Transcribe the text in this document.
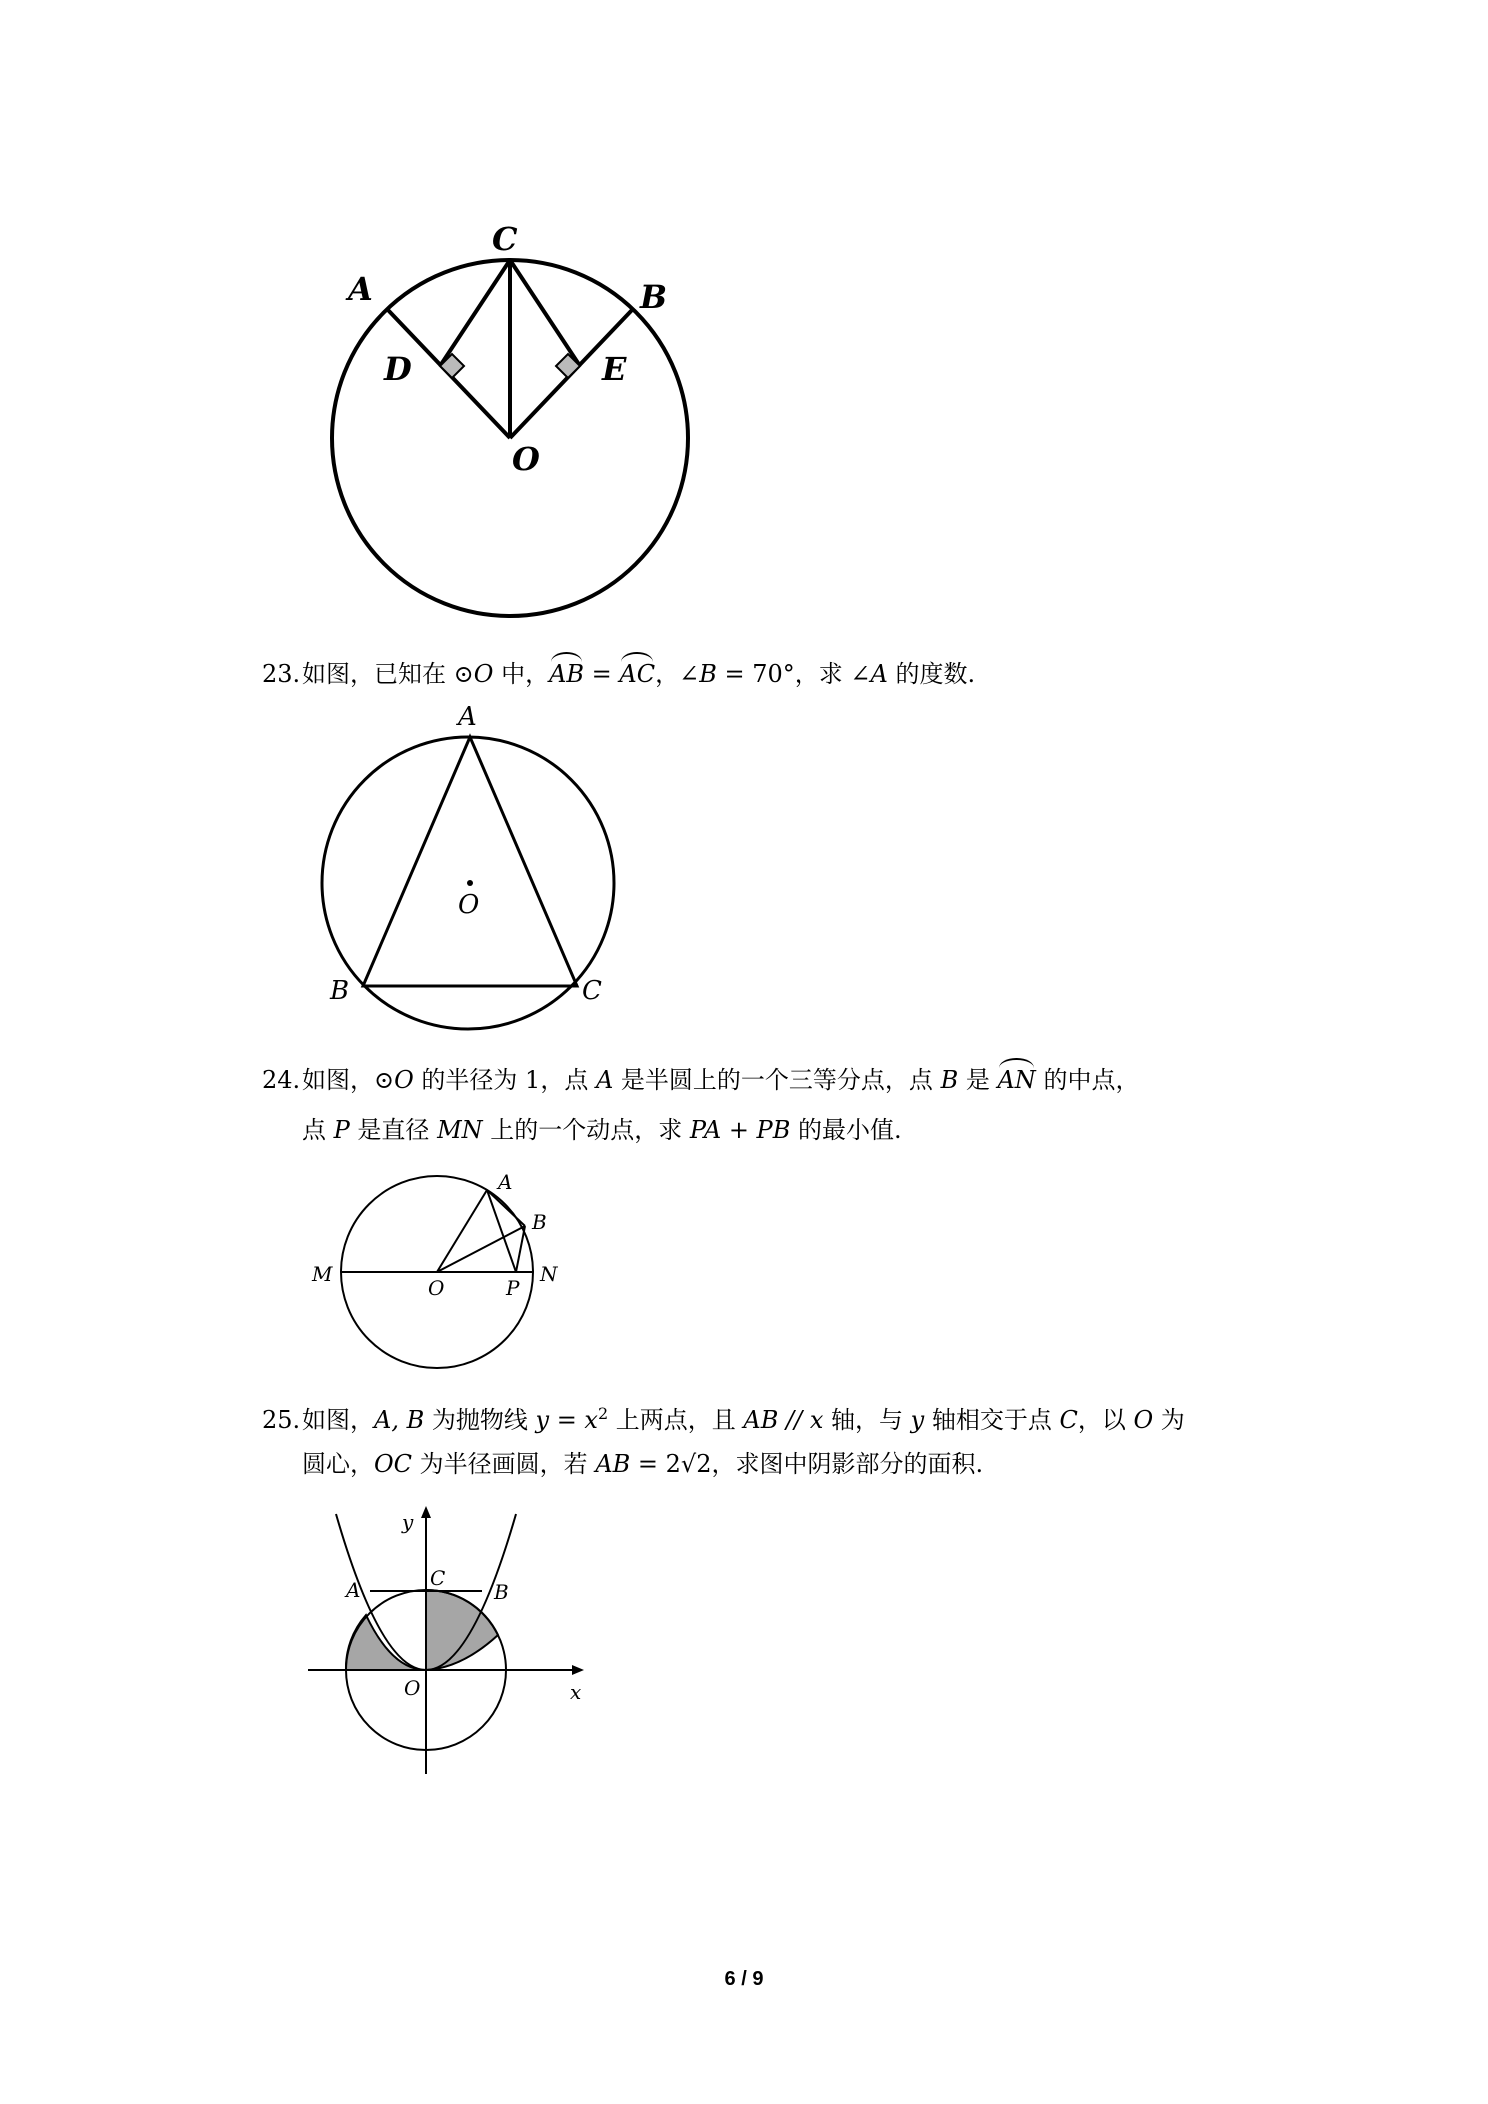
A
C
B
D	E
O
23.如图，已知在 ⊙O 中，AB = AC，∠B = 70°，求 ∠A 的度数.
A
B	C
O
24.如图，⊙O 的半径为 1，点 A 是半圆上的一个三等分点，点 B 是 AN 的中点，
点 P 是直径 MN 上的一个动点，求 PA + PB 的最小值.
A
B
M	N
O	P
25.如图，A, B 为抛物线 $y = x^2$ 上两点，且 AB // x 轴，与 y 轴相交于点 C，以 O 为
圆心，OC 为半径画圆，若 AB = 2√2，求图中阴影部分的面积.
y
x
A	B
C
O
6 / 9
